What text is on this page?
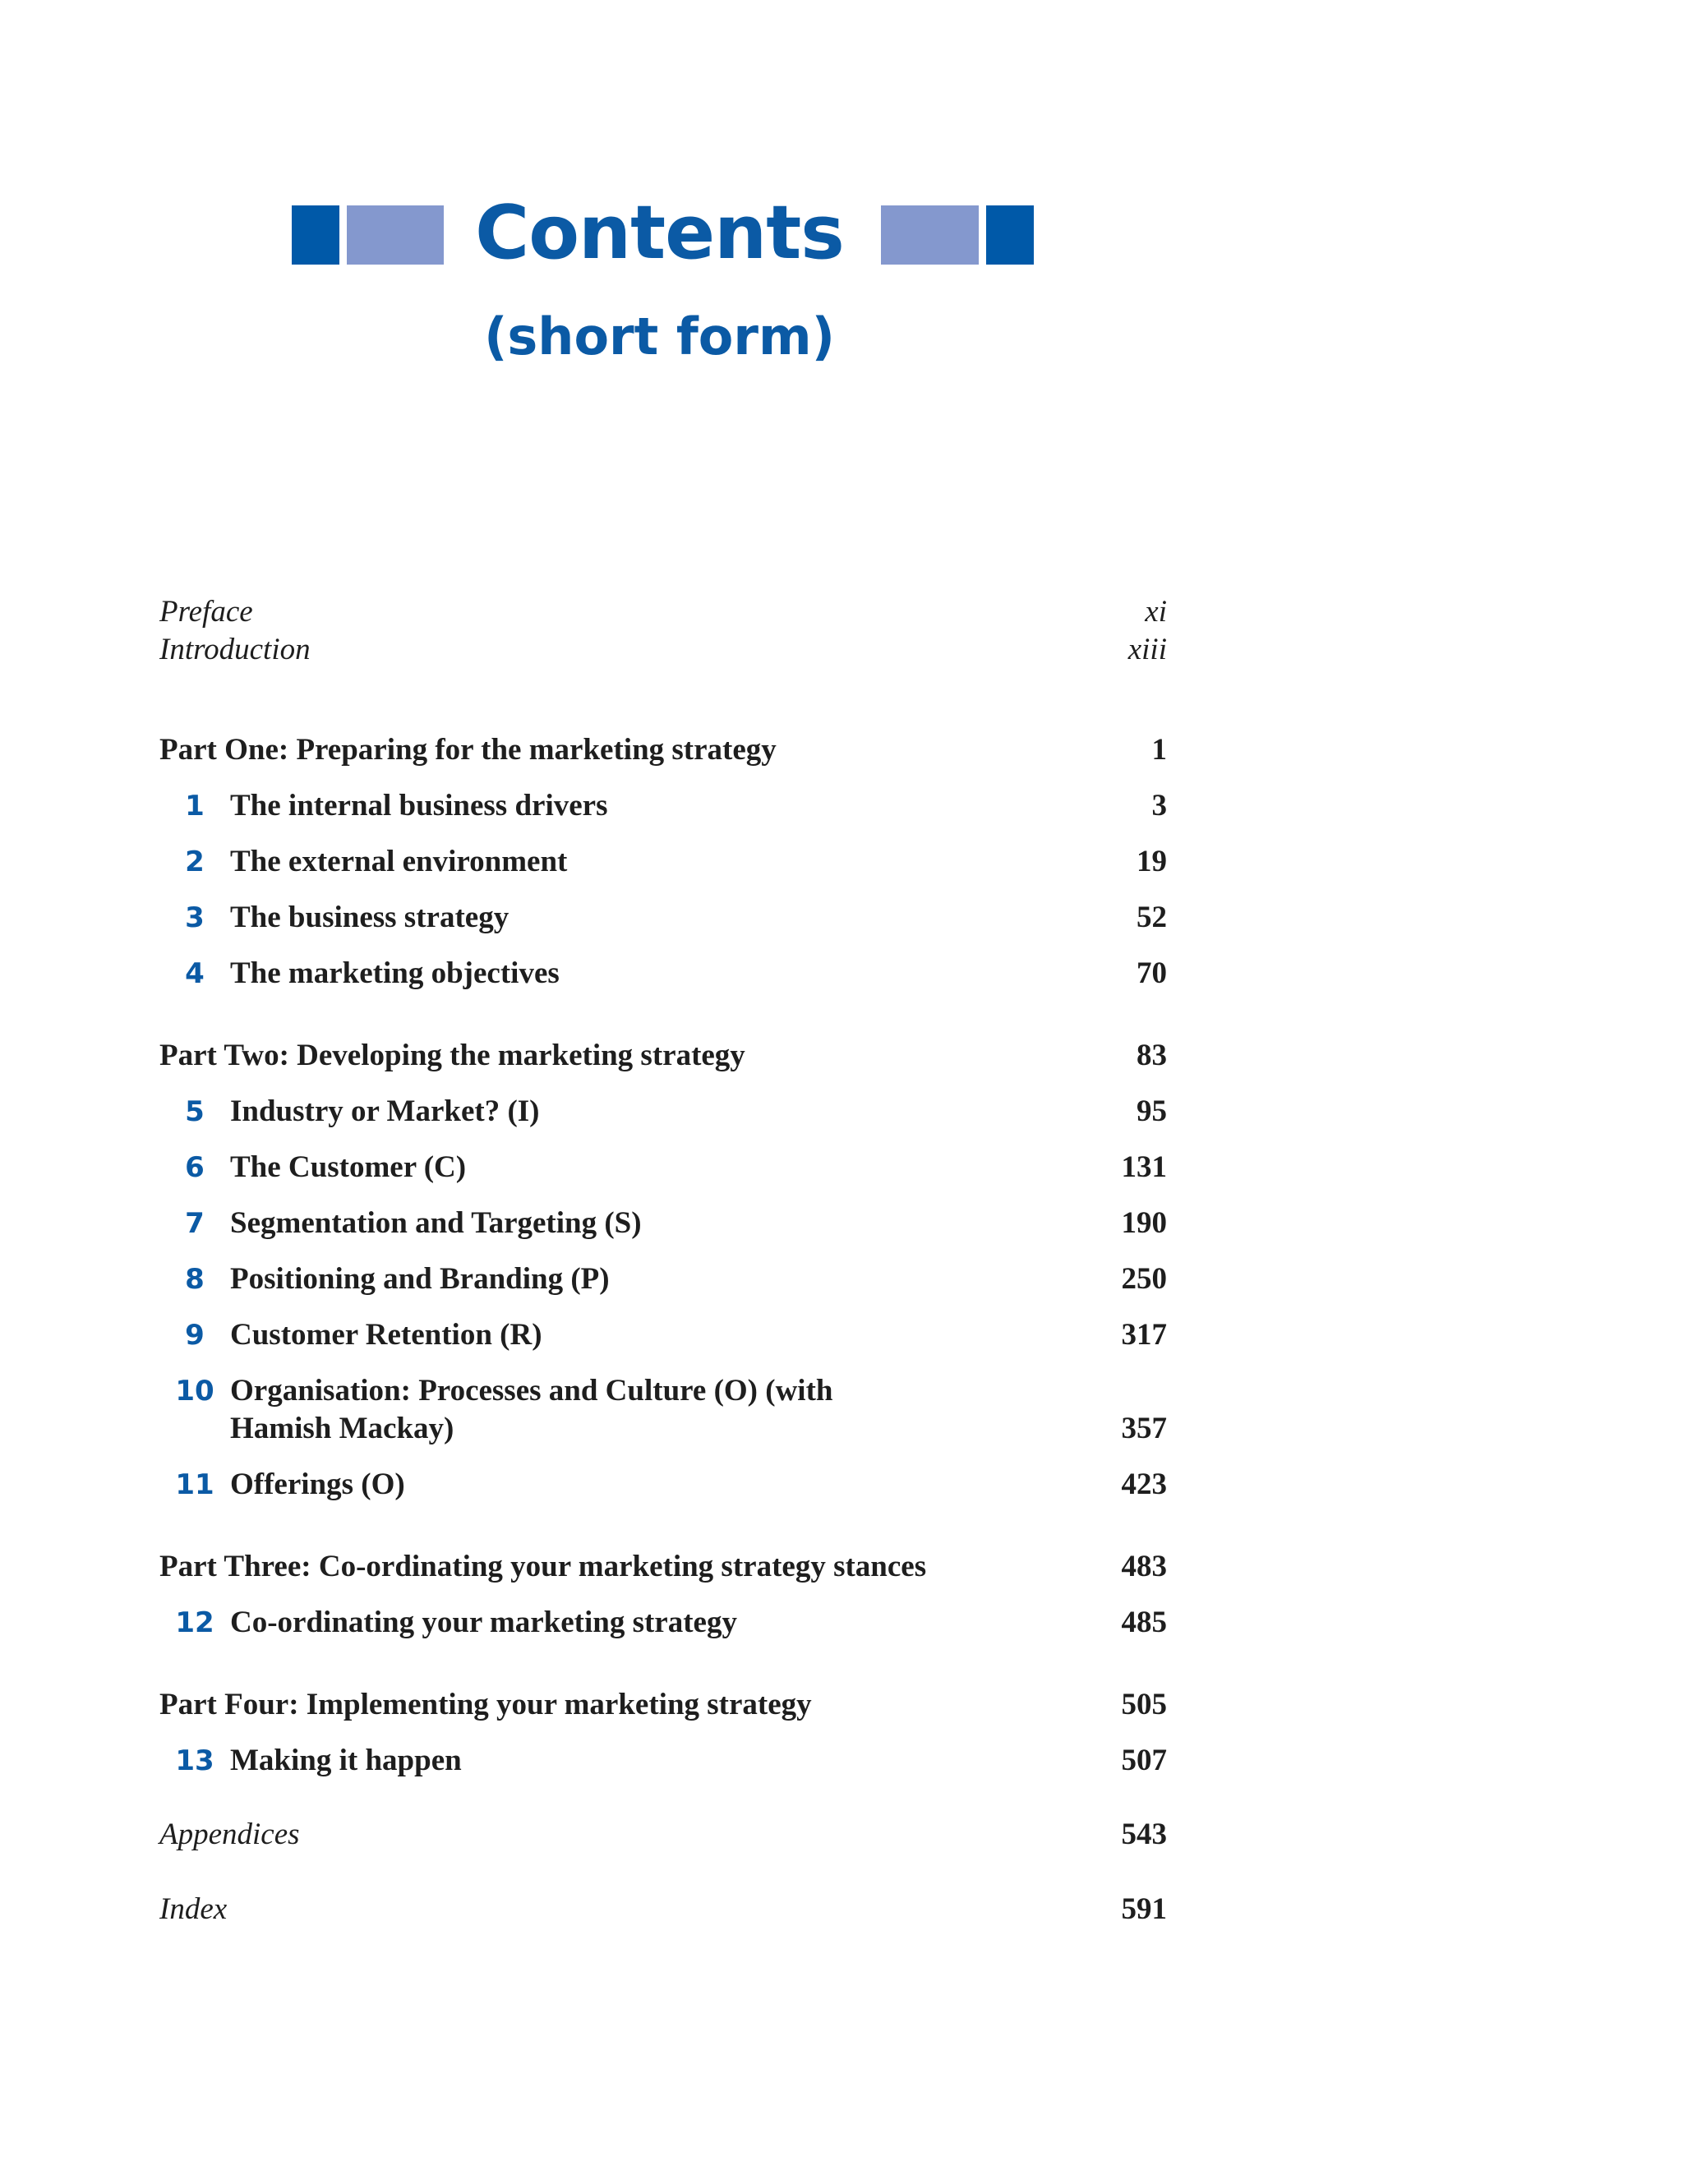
Contents
(short form)
Preface	xi
Introduction	xiii
Part One: Preparing for the marketing strategy	1
1 The internal business drivers	3
2 The external environment	19
3 The business strategy	52
4 The marketing objectives	70
Part Two: Developing the marketing strategy	83
5 Industry or Market? (I)	95
6 The Customer (C)	131
7 Segmentation and Targeting (S)	190
8 Positioning and Branding (P)	250
9 Customer Retention (R)	317
10 Organisation: Processes and Culture (O) (with Hamish Mackay)	357
11 Offerings (O)	423
Part Three: Co-ordinating your marketing strategy stances	483
12 Co-ordinating your marketing strategy	485
Part Four: Implementing your marketing strategy	505
13 Making it happen	507
Appendices	543
Index	591
